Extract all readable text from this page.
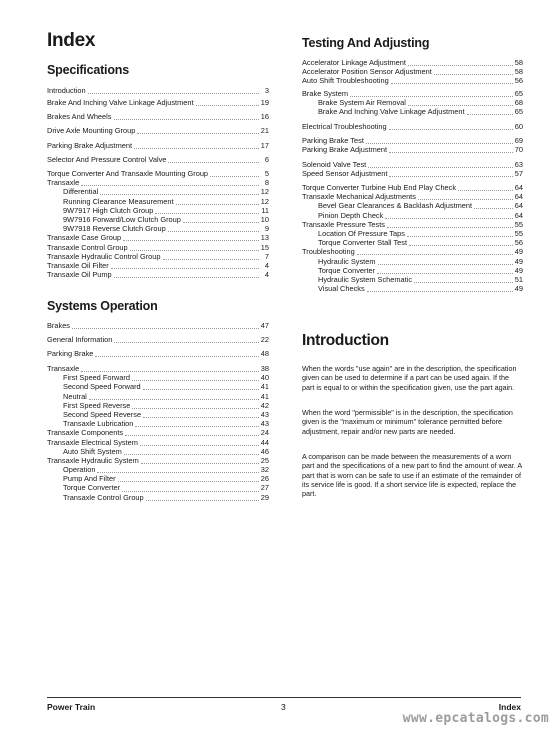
Index
Specifications
Introduction	3
Brake And Inching Valve Linkage Adjustment	19
Brakes And Wheels	16
Drive Axle Mounting Group	21
Parking Brake Adjustment	17
Selector And Pressure Control Valve	6
Torque Converter And Transaxle Mounting Group	5
Transaxle	8
Differential	12
Running Clearance Measurement	12
9W7917 High Clutch Group	11
9W7916 Forward/Low Clutch Group	10
9W7918 Reverse Clutch Group	9
Transaxle Case Group	13
Transaxle Control Group	15
Transaxle Hydraulic Control Group	7
Transaxle Oil Filter	4
Transaxle Oil Pump	4
Systems Operation
Brakes	47
General Information	22
Parking Brake	48
Transaxle	38
First Speed Forward	40
Second Speed Forward	41
Neutral	41
First Speed Reverse	42
Second Speed Reverse	43
Transaxle Lubrication	43
Transaxle Components	24
Transaxle Electrical System	44
Auto Shift System	46
Transaxle Hydraulic System	25
Operation	32
Pump And Filter	26
Torque Converter	27
Transaxle Control Group	29
Testing And Adjusting
Accelerator Linkage Adjustment	58
Accelerator Position Sensor Adjustment	58
Auto Shift Troubleshooting	56
Brake System	65
Brake System Air Removal	68
Brake And Inching Valve Linkage Adjustment	65
Electrical Troubleshooting	60
Parking Brake Test	69
Parking Brake Adjustment	70
Solenoid Valve Test	63
Speed Sensor Adjustment	57
Torque Converter Turbine Hub End Play Check	64
Transaxle Mechanical Adjustments	64
Bevel Gear Clearances & Backlash Adjustment	64
Pinion Depth Check	64
Transaxle Pressure Tests	55
Location Of Pressure Taps	55
Torque Converter Stall Test	56
Troubleshooting	49
Hydraulic System	49
Torque Converter	49
Hydraulic System Schematic	51
Visual Checks	49
Introduction

When the words "use again" are in the description, the specification given can be used to determine if a part can be used again. If the part is equal to or within the specification given, use the part again.

When the word "permissible" is in the description, the specification given is the "maximum or minimum" tolerance permitted before adjustment, repair and/or new parts are needed.

A comparison can be made between the measurements of a worn part and the specifications of a new part to find the amount of wear. A part that is worn can be safe to use if an estimate of the remainder of its service life is good. If a short service life is expected, replace the part.

Power Train	3	Index
www.epcatalogs.com
